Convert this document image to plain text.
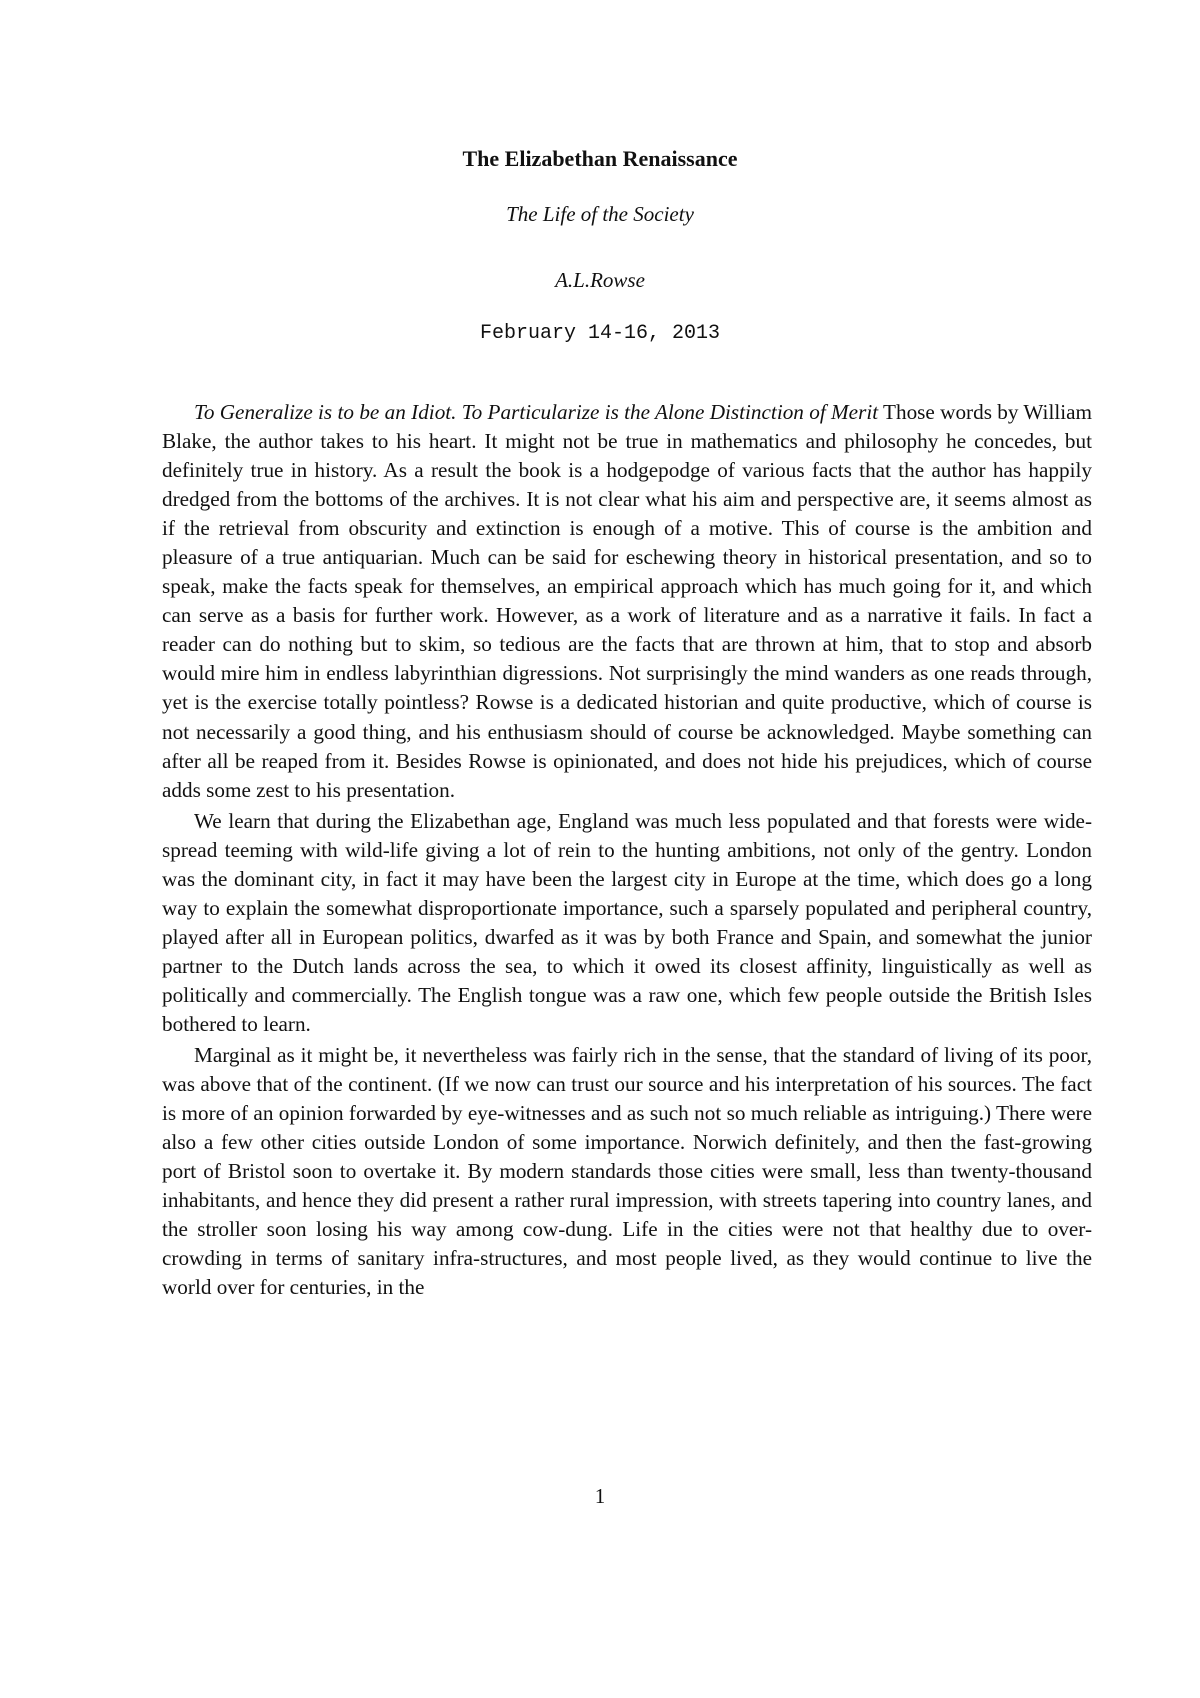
The Elizabethan Renaissance
The Life of the Society
A.L.Rowse
February 14-16, 2013

To Generalize is to be an Idiot. To Particularize is the Alone Distinction of Merit Those words by William Blake, the author takes to his heart. It might not be true in mathematics and philosophy he concedes, but definitely true in history. As a result the book is a hodgepodge of various facts that the author has happily dredged from the bottoms of the archives. It is not clear what his aim and perspective are, it seems almost as if the retrieval from obscurity and extinction is enough of a motive. This of course is the ambition and pleasure of a true antiquarian. Much can be said for eschewing theory in historical presentation, and so to speak, make the facts speak for themselves, an empirical approach which has much going for it, and which can serve as a basis for further work. However, as a work of literature and as a narrative it fails. In fact a reader can do nothing but to skim, so tedious are the facts that are thrown at him, that to stop and absorb would mire him in endless labyrinthian digressions. Not surprisingly the mind wanders as one reads through, yet is the exercise totally pointless? Rowse is a dedicated historian and quite productive, which of course is not necessarily a good thing, and his enthusiasm should of course be acknowledged. Maybe something can after all be reaped from it. Besides Rowse is opinionated, and does not hide his prejudices, which of course adds some zest to his presentation.

We learn that during the Elizabethan age, England was much less populated and that forests were wide-spread teeming with wild-life giving a lot of rein to the hunting ambitions, not only of the gentry. London was the dominant city, in fact it may have been the largest city in Europe at the time, which does go a long way to explain the somewhat disproportionate importance, such a sparsely populated and peripheral country, played after all in European politics, dwarfed as it was by both France and Spain, and somewhat the junior partner to the Dutch lands across the sea, to which it owed its closest affinity, linguistically as well as politically and commercially. The English tongue was a raw one, which few people outside the British Isles bothered to learn.

Marginal as it might be, it nevertheless was fairly rich in the sense, that the standard of living of its poor, was above that of the continent. (If we now can trust our source and his interpretation of his sources. The fact is more of an opinion forwarded by eye-witnesses and as such not so much reliable as intriguing.) There were also a few other cities outside London of some importance. Norwich definitely, and then the fast-growing port of Bristol soon to overtake it. By modern standards those cities were small, less than twenty-thousand inhabitants, and hence they did present a rather rural impression, with streets tapering into country lanes, and the stroller soon losing his way among cow-dung. Life in the cities were not that healthy due to over-crowding in terms of sanitary infra-structures, and most people lived, as they would continue to live the world over for centuries, in the

1
